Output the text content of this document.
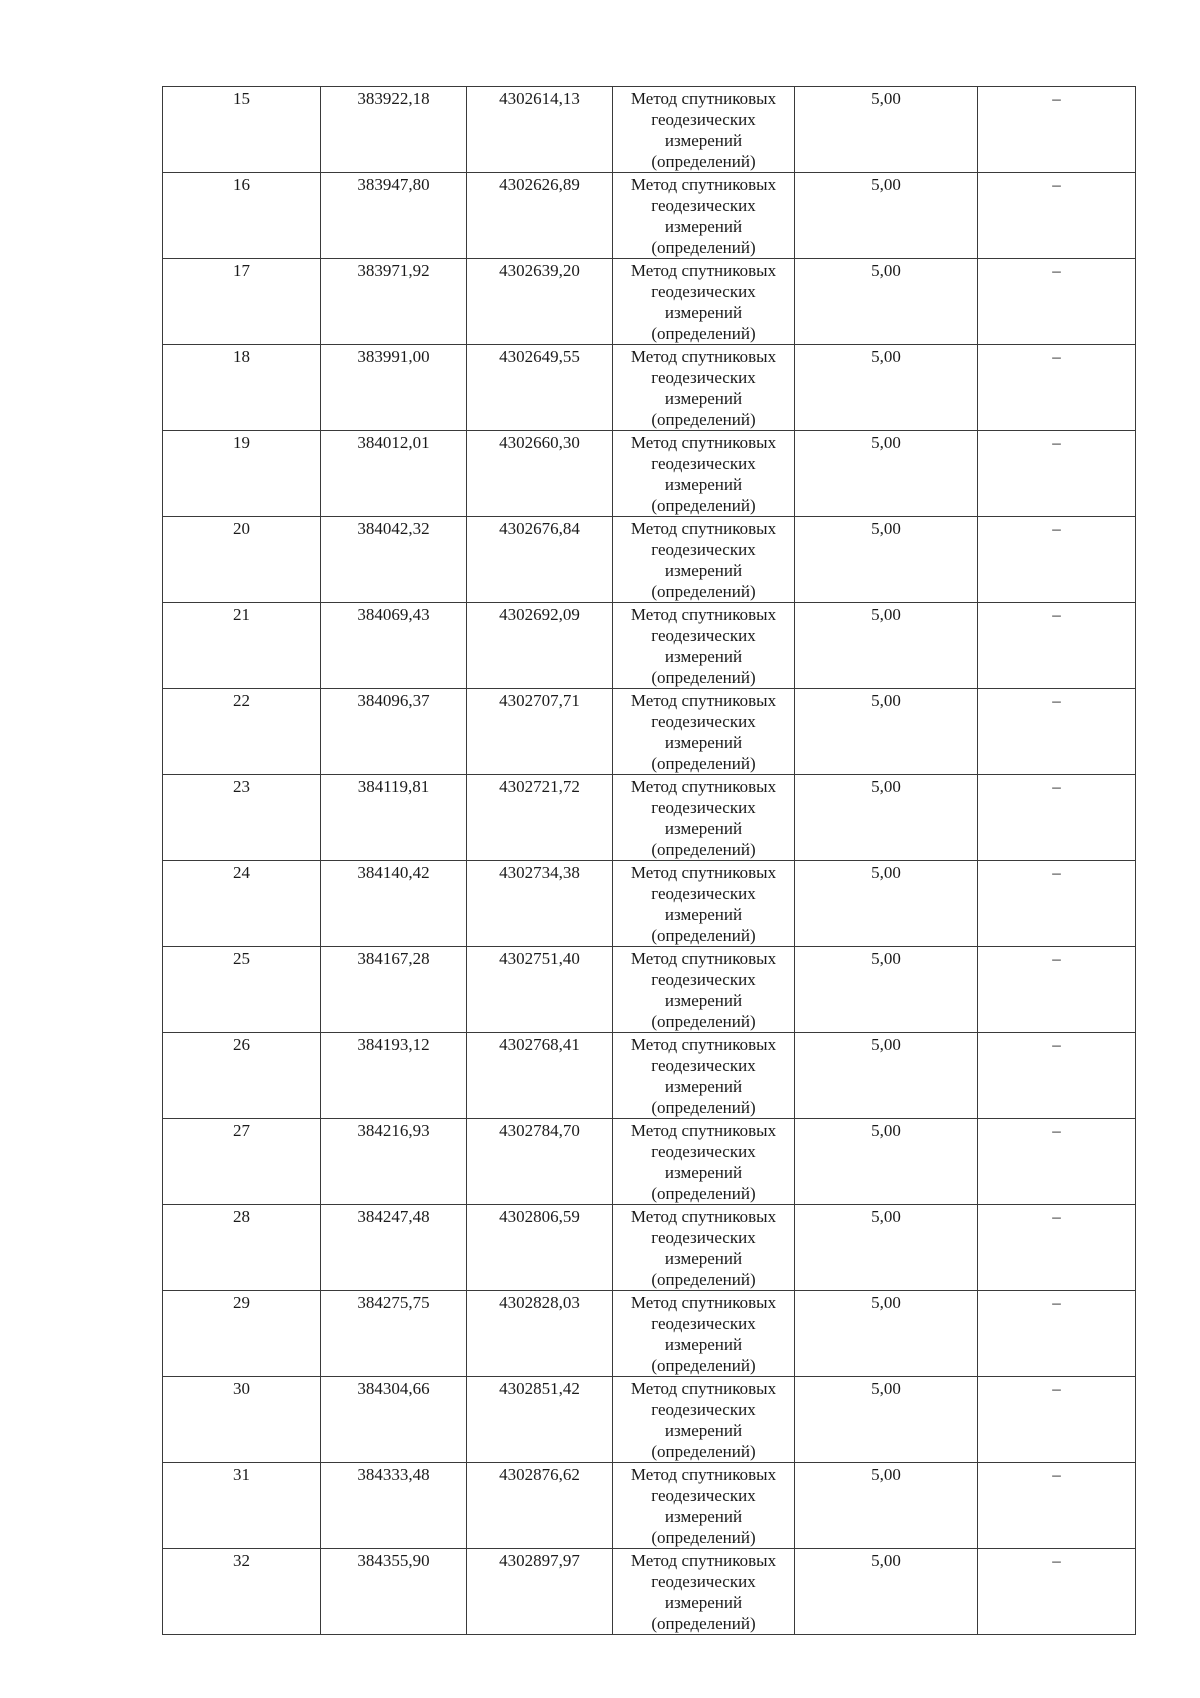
15	383922,18	4302614,13	Метод спутниковых
геодезических
измерений
(определений)	5,00	–

16	383947,80	4302626,89	Метод спутниковых
геодезических
измерений
(определений)	5,00	–

17	383971,92	4302639,20	Метод спутниковых
геодезических
измерений
(определений)	5,00	–

18	383991,00	4302649,55	Метод спутниковых
геодезических
измерений
(определений)	5,00	–

19	384012,01	4302660,30	Метод спутниковых
геодезических
измерений
(определений)	5,00	–

20	384042,32	4302676,84	Метод спутниковых
геодезических
измерений
(определений)	5,00	–

21	384069,43	4302692,09	Метод спутниковых
геодезических
измерений
(определений)	5,00	–

22	384096,37	4302707,71	Метод спутниковых
геодезических
измерений
(определений)	5,00	–

23	384119,81	4302721,72	Метод спутниковых
геодезических
измерений
(определений)	5,00	–

24	384140,42	4302734,38	Метод спутниковых
геодезических
измерений
(определений)	5,00	–

25	384167,28	4302751,40	Метод спутниковых
геодезических
измерений
(определений)	5,00	–

26	384193,12	4302768,41	Метод спутниковых
геодезических
измерений
(определений)	5,00	–

27	384216,93	4302784,70	Метод спутниковых
геодезических
измерений
(определений)	5,00	–

28	384247,48	4302806,59	Метод спутниковых
геодезических
измерений
(определений)	5,00	–

29	384275,75	4302828,03	Метод спутниковых
геодезических
измерений
(определений)	5,00	–

30	384304,66	4302851,42	Метод спутниковых
геодезических
измерений
(определений)	5,00	–

31	384333,48	4302876,62	Метод спутниковых
геодезических
измерений
(определений)	5,00	–

32	384355,90	4302897,97	Метод спутниковых
геодезических
измерений
(определений)	5,00	–
